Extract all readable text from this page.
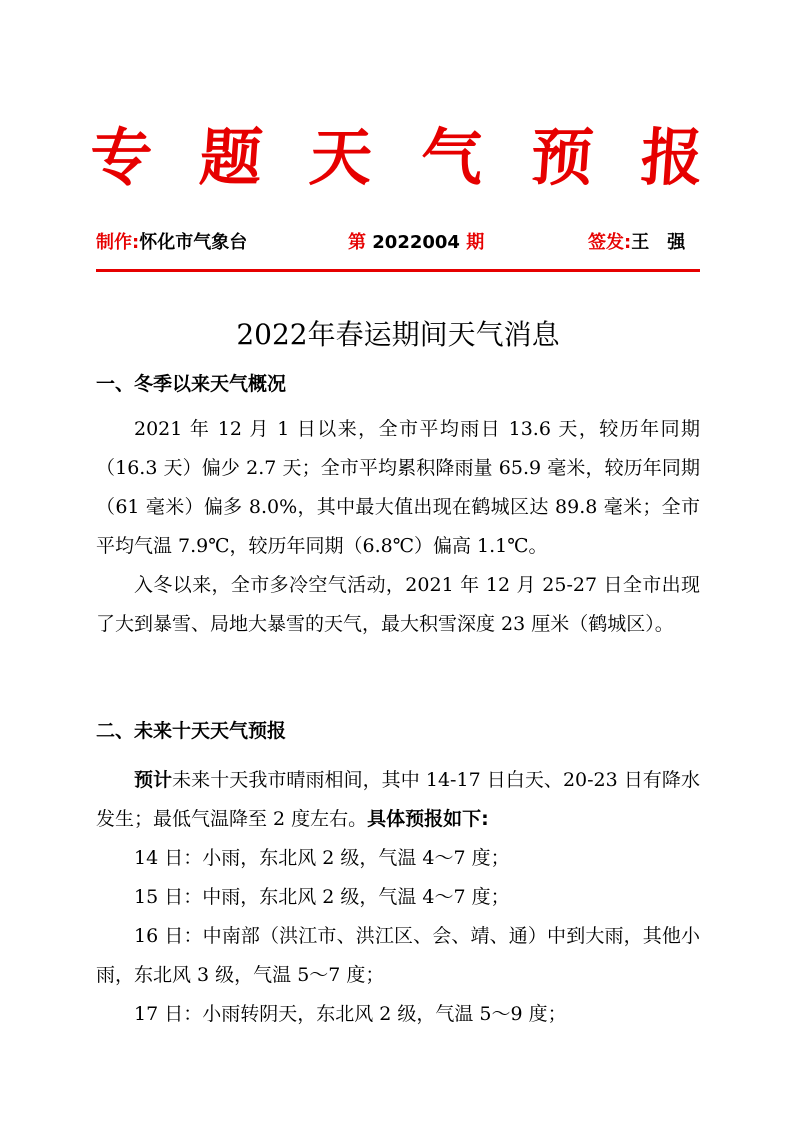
专 题 天 气 预 报
制作:怀化市气象台	第 2022004 期	签发:王　强
2022年春运期间天气消息
一、冬季以来天气概况

2021 年 12 月 1 日以来，全市平均雨日 13.6 天，较历年同期（16.3 天）偏少 2.7 天；全市平均累积降雨量 65.9 毫米，较历年同期（61 毫米）偏多 8.0%，其中最大值出现在鹤城区达 89.8 毫米；全市平均气温 7.9℃，较历年同期（6.8℃）偏高 1.1℃。

入冬以来，全市多冷空气活动，2021 年 12 月 25-27 日全市出现了大到暴雪、局地大暴雪的天气，最大积雪深度 23 厘米（鹤城区）。

二、未来十天天气预报

预计未来十天我市晴雨相间，其中 14-17 日白天、20-23 日有降水发生；最低气温降至 2 度左右。具体预报如下:

14 日：小雨，东北风 2 级，气温 4～7 度；

15 日：中雨，东北风 2 级，气温 4～7 度；

16 日：中南部（洪江市、洪江区、会、靖、通）中到大雨，其他小雨，东北风 3 级，气温 5～7 度；

17 日：小雨转阴天，东北风 2 级，气温 5～9 度；
